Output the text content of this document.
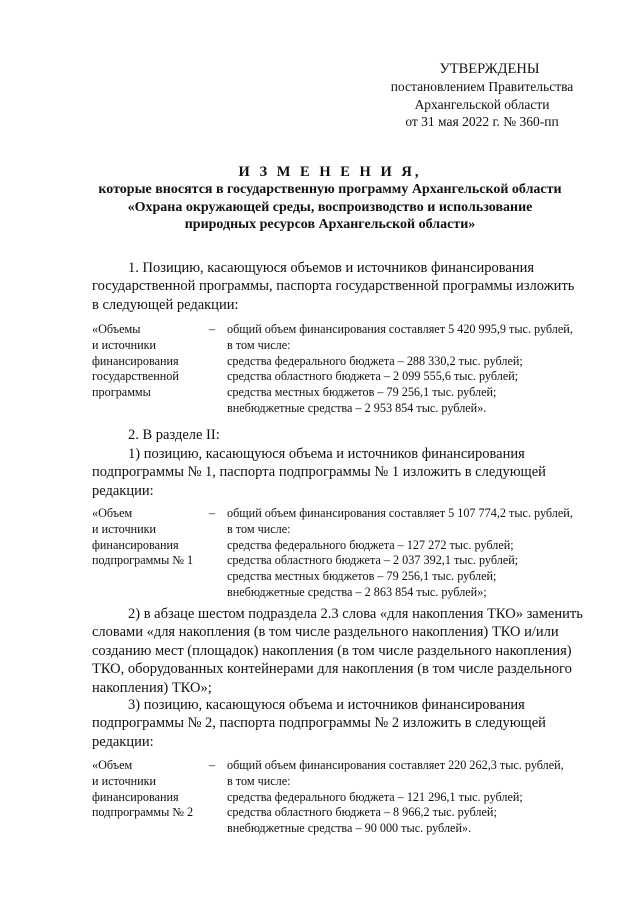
УТВЕРЖДЕНЫ
постановлением Правительства
Архангельской области
от 31 мая 2022 г. № 360-пп
И З М Е Н Е Н И Я,
которые вносятся в государственную программу Архангельской области
«Охрана окружающей среды, воспроизводство и использование
природных ресурсов Архангельской области»
1. Позицию, касающуюся объемов и источников финансирования
государственной программы, паспорта государственной программы изложить
в следующей редакции:
«Объемы
и источники
финансирования
государственной
программы
– общий объем финансирования составляет 5 420 995,9 тыс. рублей,
в том числе:
средства федерального бюджета – 288 330,2 тыс. рублей;
средства областного бюджета – 2 099 555,6 тыс. рублей;
средства местных бюджетов – 79 256,1 тыс. рублей;
внебюджетные средства – 2 953 854 тыс. рублей».
2. В разделе II:
1) позицию, касающуюся объема и источников финансирования
подпрограммы № 1, паспорта подпрограммы № 1 изложить в следующей
редакции:
«Объем
и источники
финансирования
подпрограммы № 1
– общий объем финансирования составляет 5 107 774,2 тыс. рублей,
в том числе:
средства федерального бюджета – 127 272 тыс. рублей;
средства областного бюджета – 2 037 392,1 тыс. рублей;
средства местных бюджетов – 79 256,1 тыс. рублей;
внебюджетные средства – 2 863 854 тыс. рублей»;
2) в абзаце шестом подраздела 2.3 слова «для накопления ТКО» заменить
словами «для накопления (в том числе раздельного накопления) ТКО и/или
созданию мест (площадок) накопления (в том числе раздельного накопления)
ТКО, оборудованных контейнерами для накопления (в том числе раздельного
накопления) ТКО»;
3) позицию, касающуюся объема и источников финансирования
подпрограммы № 2, паспорта подпрограммы № 2 изложить в следующей
редакции:
«Объем
и источники
финансирования
подпрограммы № 2
– общий объем финансирования составляет 220 262,3 тыс. рублей,
в том числе:
средства федерального бюджета – 121 296,1 тыс. рублей;
средства областного бюджета – 8 966,2 тыс. рублей;
внебюджетные средства – 90 000 тыс. рублей».
